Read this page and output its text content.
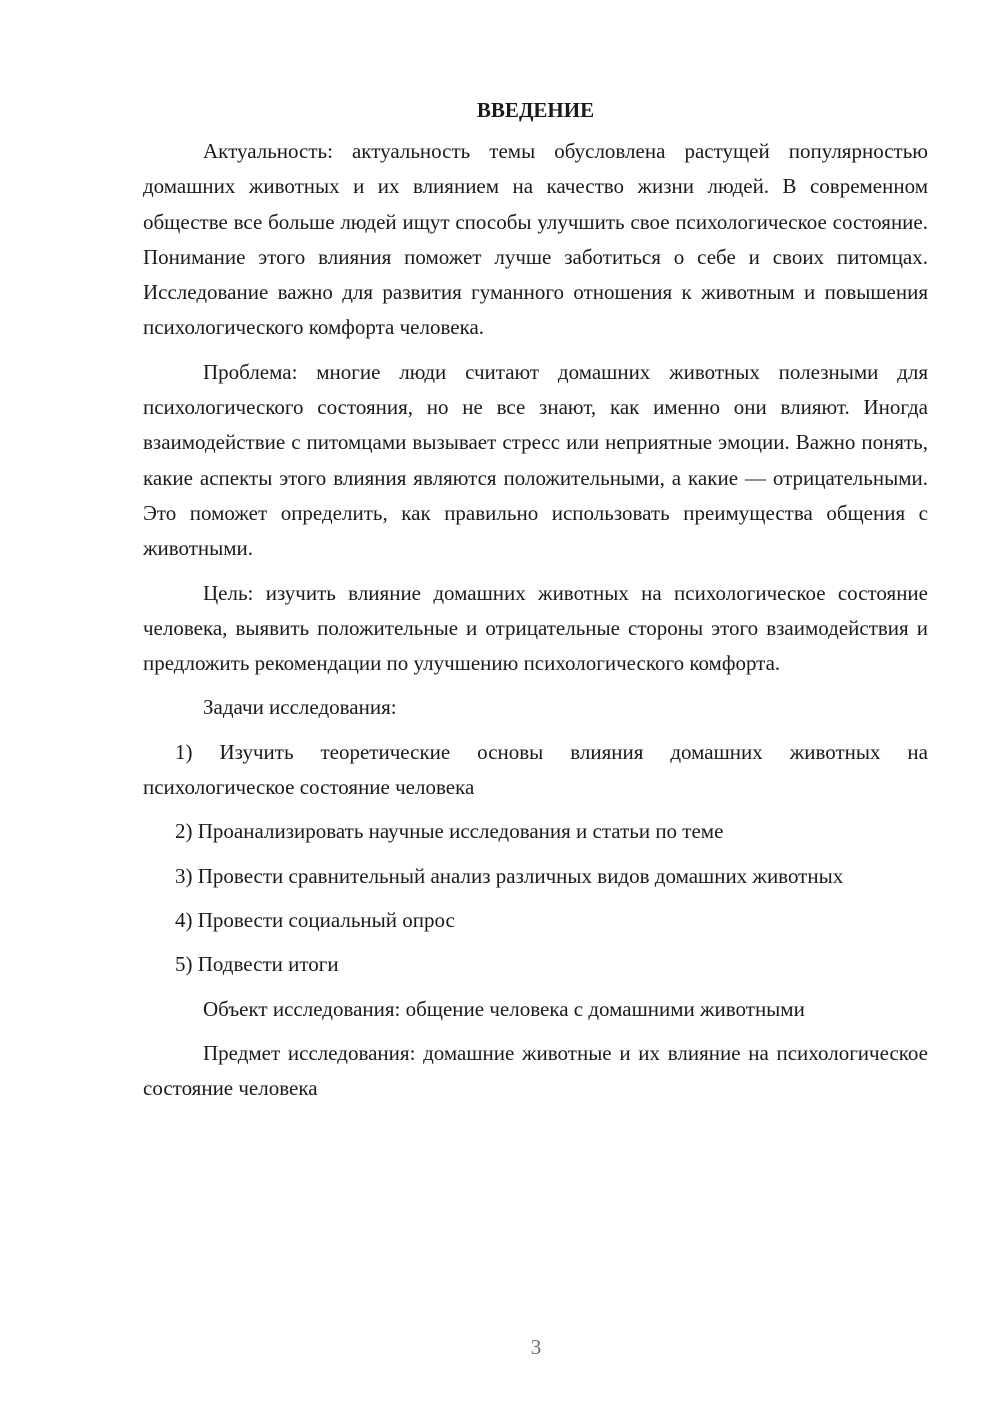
ВВЕДЕНИЕ

Актуальность: актуальность темы обусловлена растущей популярностью домашних животных и их влиянием на качество жизни людей. В современном обществе все больше людей ищут способы улучшить свое психологическое состояние. Понимание этого влияния поможет лучше заботиться о себе и своих питомцах. Исследование важно для развития гуманного отношения к животным и повышения психологического комфорта человека.

Проблема: многие люди считают домашних животных полезными для психологического состояния, но не все знают, как именно они влияют. Иногда взаимодействие с питомцами вызывает стресс или неприятные эмоции. Важно понять, какие аспекты этого влияния являются положительными, а какие — отрицательными. Это поможет определить, как правильно использовать преимущества общения с животными.

Цель: изучить влияние домашних животных на психологическое состояние человека, выявить положительные и отрицательные стороны этого взаимодействия и предложить рекомендации по улучшению психологического комфорта.

Задачи исследования:

1) Изучить теоретические основы влияния домашних животных на психологическое состояние человека

2) Проанализировать научные исследования и статьи по теме

3) Провести сравнительный анализ различных видов домашних животных

4) Провести социальный опрос

5) Подвести итоги

Объект исследования: общение человека с домашними животными

Предмет исследования: домашние животные и их влияние на психологическое состояние человека

3
